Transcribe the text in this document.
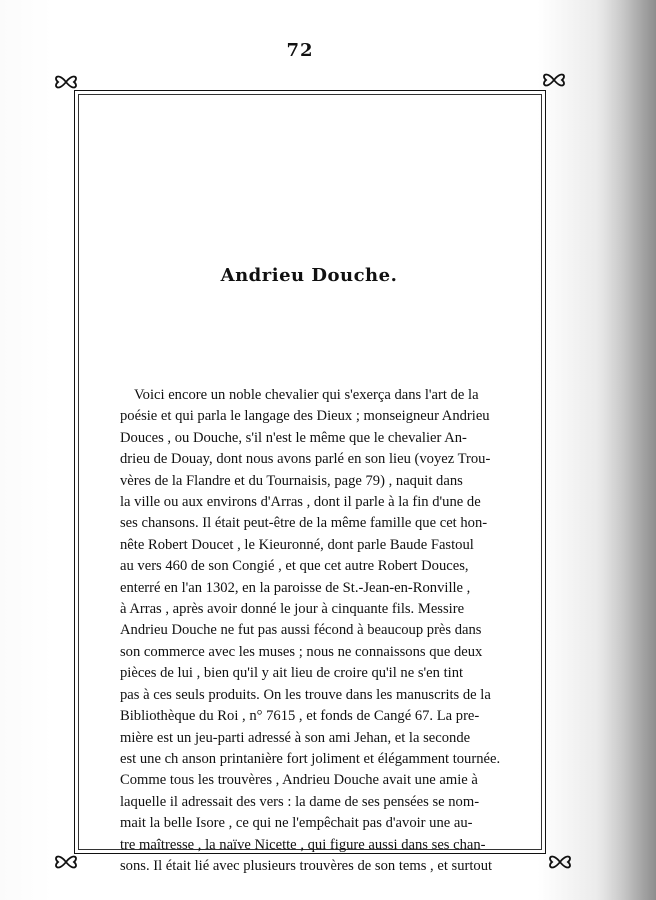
72
Andrieu Douche.
Voici encore un noble chevalier qui s'exerça dans l'art de la
poésie et qui parla le langage des Dieux ; monseigneur Andrieu
Douces , ou Douche, s'il n'est le même que le chevalier An-
drieu de Douay, dont nous avons parlé en son lieu (voyez Trou-
vères de la Flandre et du Tournaisis, page 79) , naquit dans
la ville ou aux environs d'Arras , dont il parle à la fin d'une de
ses chansons. Il était peut-être de la même famille que cet hon-
nête Robert Doucet , le Kieuronné, dont parle Baude Fastoul
au vers 460 de son Congié , et que cet autre Robert Douces,
enterré en l'an 1302, en la paroisse de St.-Jean-en-Ronville ,
à Arras , après avoir donné le jour à cinquante fils. Messire
Andrieu Douche ne fut pas aussi fécond à beaucoup près dans
son commerce avec les muses ; nous ne connaissons que deux
pièces de lui , bien qu'il y ait lieu de croire qu'il ne s'en tint
pas à ces seuls produits. On les trouve dans les manuscrits de la
Bibliothèque du Roi , n° 7615 , et fonds de Cangé 67. La pre-
mière est un jeu-parti adressé à son ami Jehan, et la seconde
est une ch anson printanière fort joliment et élégamment tournée.
Comme tous les trouvères , Andrieu Douche avait une amie à
laquelle il adressait des vers : la dame de ses pensées se nom-
mait la belle Isore , ce qui ne l'empêchait pas d'avoir une au-
tre maîtresse , la naïve Nicette , qui figure aussi dans ses chan-
sons. Il était lié avec plusieurs trouvères de son tems , et surtout
